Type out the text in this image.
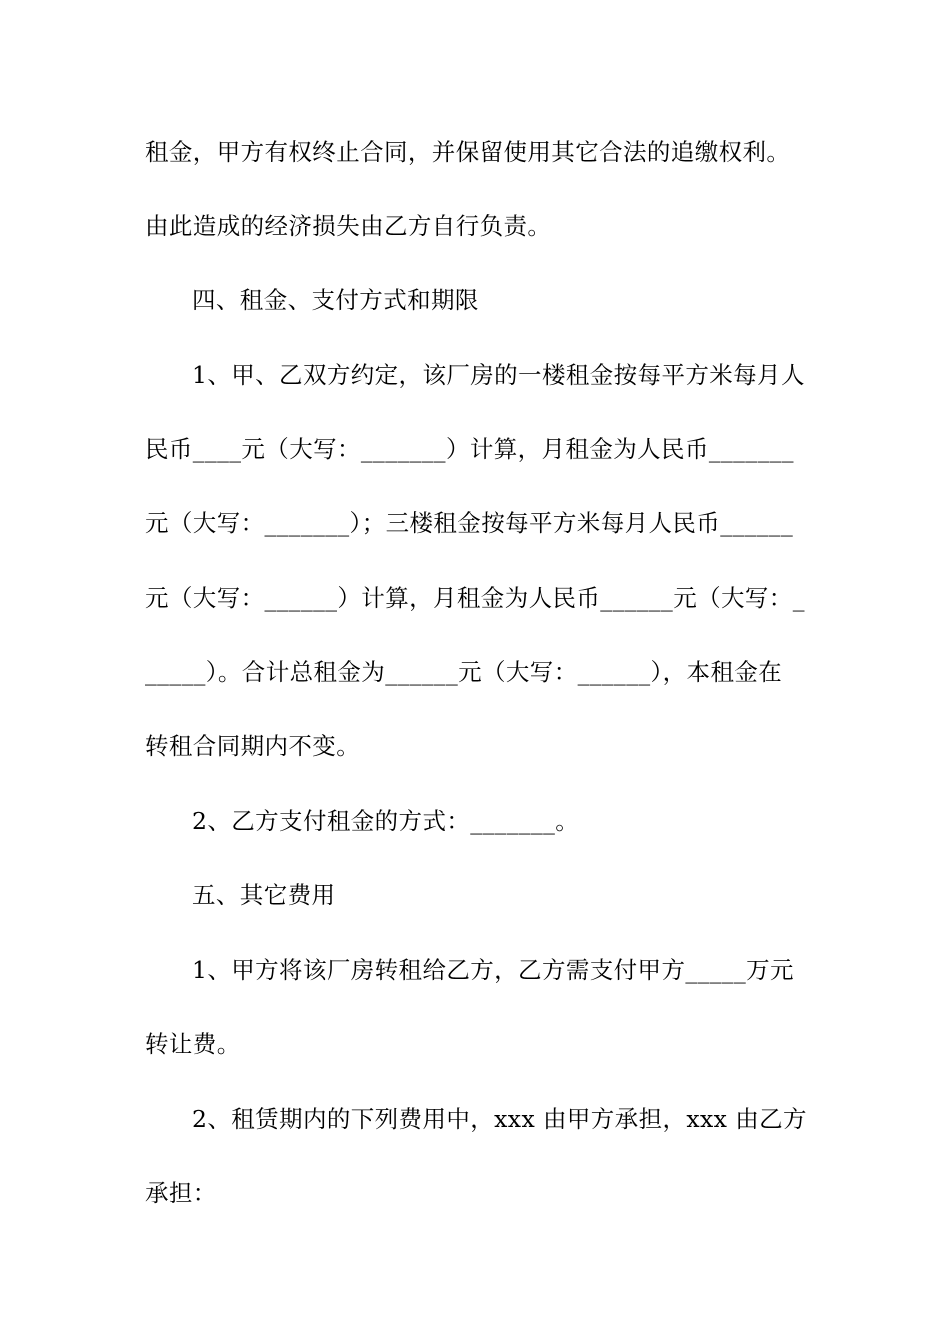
租金，甲方有权终止合同，并保留使用其它合法的追缴权利。
由此造成的经济损失由乙方自行负责。
四、租金、支付方式和期限
1、甲、乙双方约定，该厂房的一楼租金按每平方米每月人
民币____元（大写：_______）计算，月租金为人民币_______
元（大写：_______）；三楼租金按每平方米每月人民币______
元（大写：______）计算，月租金为人民币______元（大写：_
_____）。合计总租金为______元（大写：______），本租金在
转租合同期内不变。
2、乙方支付租金的方式：_______。
五、其它费用
1、甲方将该厂房转租给乙方，乙方需支付甲方_____万元
转让费。
2、租赁期内的下列费用中，xxx 由甲方承担，xxx 由乙方
承担：
